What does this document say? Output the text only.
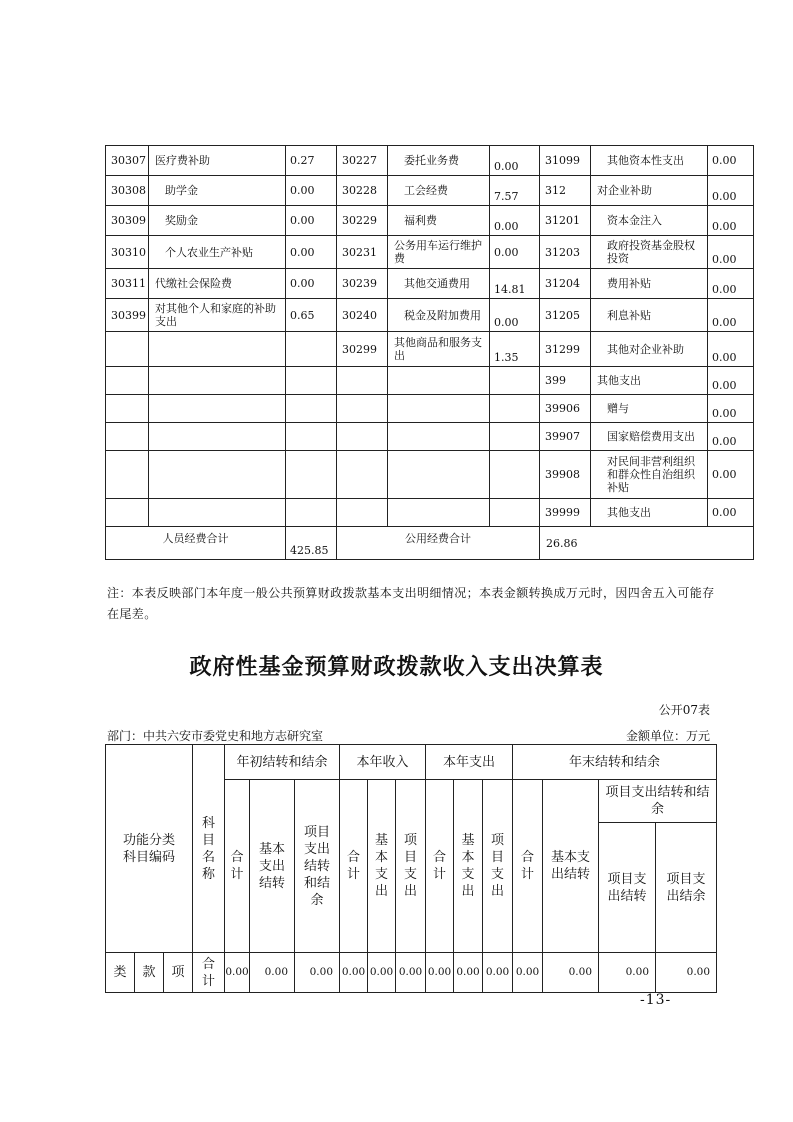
30307	医疗费补助	0.27	30227	委托业务费	0.00	31099	其他资本性支出	0.00
30308	助学金	0.00	30228	工会经费	7.57	312	对企业补助	0.00
30309	奖励金	0.00	30229	福利费	0.00	31201	资本金注入	0.00
30310	个人农业生产补贴	0.00	30231	公务用车运行维护费	0.00	31203	政府投资基金股权投资	0.00
30311	代缴社会保险费	0.00	30239	其他交通费用	14.81	31204	费用补贴	0.00
30399	对其他个人和家庭的补助支出	0.65	30240	税金及附加费用	0.00	31205	利息补贴	0.00
			30299	其他商品和服务支出	1.35	31299	其他对企业补助	0.00
						399	其他支出	0.00
						39906	赠与	0.00
						39907	国家赔偿费用支出	0.00
						39908	对民间非营利组织和群众性自治组织补贴	0.00
						39999	其他支出	0.00
人员经费合计		425.85	公用经费合计			26.86		
注：本表反映部门本年度一般公共预算财政拨款基本支出明细情况；本表金额转换成万元时，因四舍五入可能存在尾差。
政府性基金预算财政拨款收入支出决算表
公开07表
部门：中共六安市委党史和地方志研究室	金额单位：万元
功能分类科目编码			科目名称	年初结转和结余			本年收入			本年支出			年末结转和结余			
				合计	基本支出结转	项目支出结转和结余	合计	基本支出	项目支出	合计	基本支出	项目支出	合计	基本支出结转	项目支出结转和结余	

															项目支出结转	项目支出结余

类	款	项	合计	0.00	0.00	0.00	0.00	0.00	0.00	0.00	0.00	0.00	0.00	0.00	0.00	0.00
-13-
